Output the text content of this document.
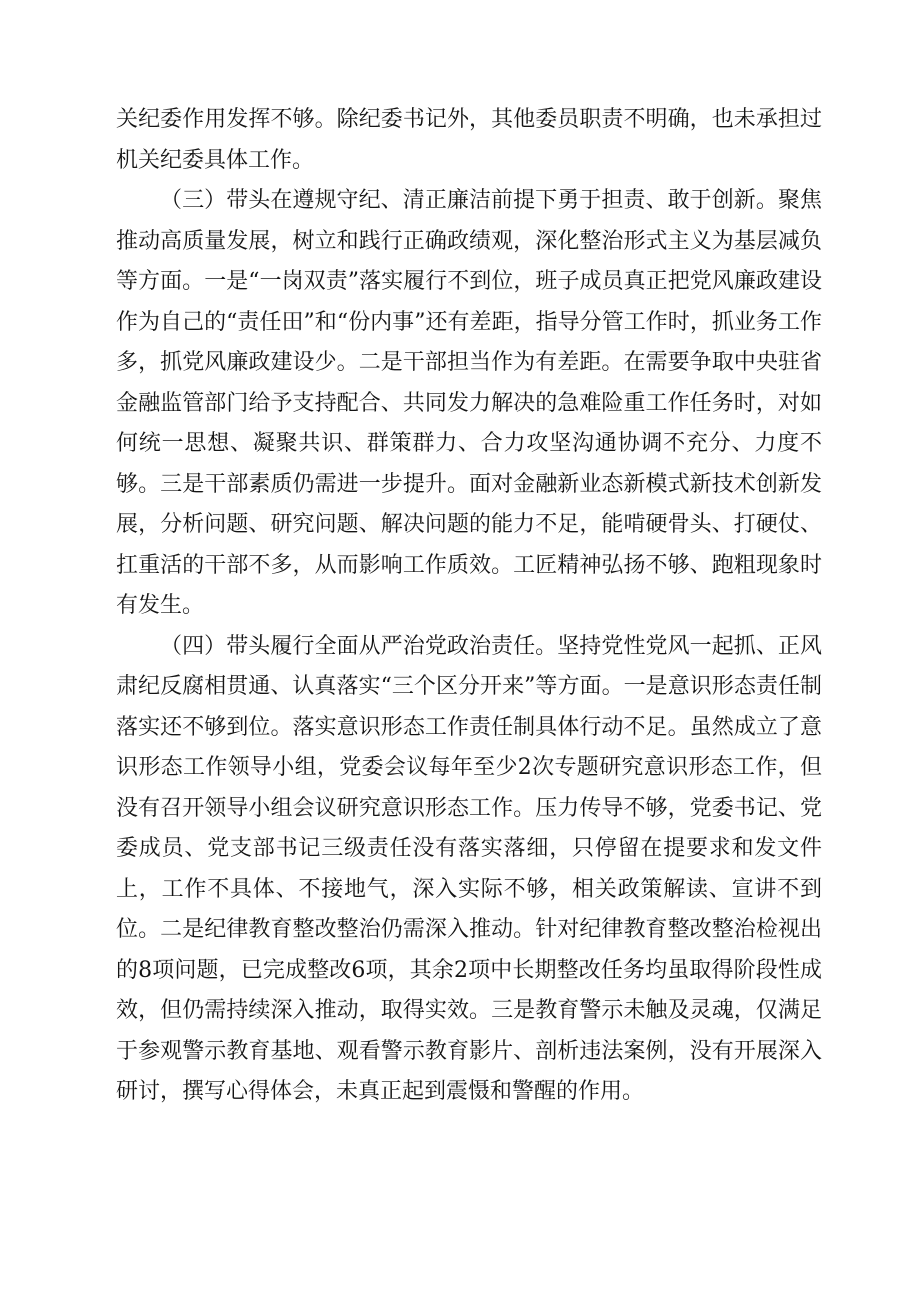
关纪委作用发挥不够。除纪委书记外，其他委员职责不明确，也未承担过机关纪委具体工作。

（三）带头在遵规守纪、清正廉洁前提下勇于担责、敢于创新。聚焦推动高质量发展，树立和践行正确政绩观，深化整治形式主义为基层减负等方面。一是“一岗双责”落实履行不到位，班子成员真正把党风廉政建设作为自己的“责任田”和“份内事”还有差距，指导分管工作时，抓业务工作多，抓党风廉政建设少。二是干部担当作为有差距。在需要争取中央驻省金融监管部门给予支持配合、共同发力解决的急难险重工作任务时，对如何统一思想、凝聚共识、群策群力、合力攻坚沟通协调不充分、力度不够。三是干部素质仍需进一步提升。面对金融新业态新模式新技术创新发展，分析问题、研究问题、解决问题的能力不足，能啃硬骨头、打硬仗、扛重活的干部不多，从而影响工作质效。工匠精神弘扬不够、跑粗现象时有发生。

（四）带头履行全面从严治党政治责任。坚持党性党风一起抓、正风肃纪反腐相贯通、认真落实“三个区分开来”等方面。一是意识形态责任制落实还不够到位。落实意识形态工作责任制具体行动不足。虽然成立了意识形态工作领导小组，党委会议每年至少2次专题研究意识形态工作，但没有召开领导小组会议研究意识形态工作。压力传导不够，党委书记、党委成员、党支部书记三级责任没有落实落细，只停留在提要求和发文件上，工作不具体、不接地气，深入实际不够，相关政策解读、宣讲不到位。二是纪律教育整改整治仍需深入推动。针对纪律教育整改整治检视出的8项问题，已完成整改6项，其余2项中长期整改任务均虽取得阶段性成效，但仍需持续深入推动，取得实效。三是教育警示未触及灵魂，仅满足于参观警示教育基地、观看警示教育影片、剖析违法案例，没有开展深入研讨，撰写心得体会，未真正起到震慑和警醒的作用。
